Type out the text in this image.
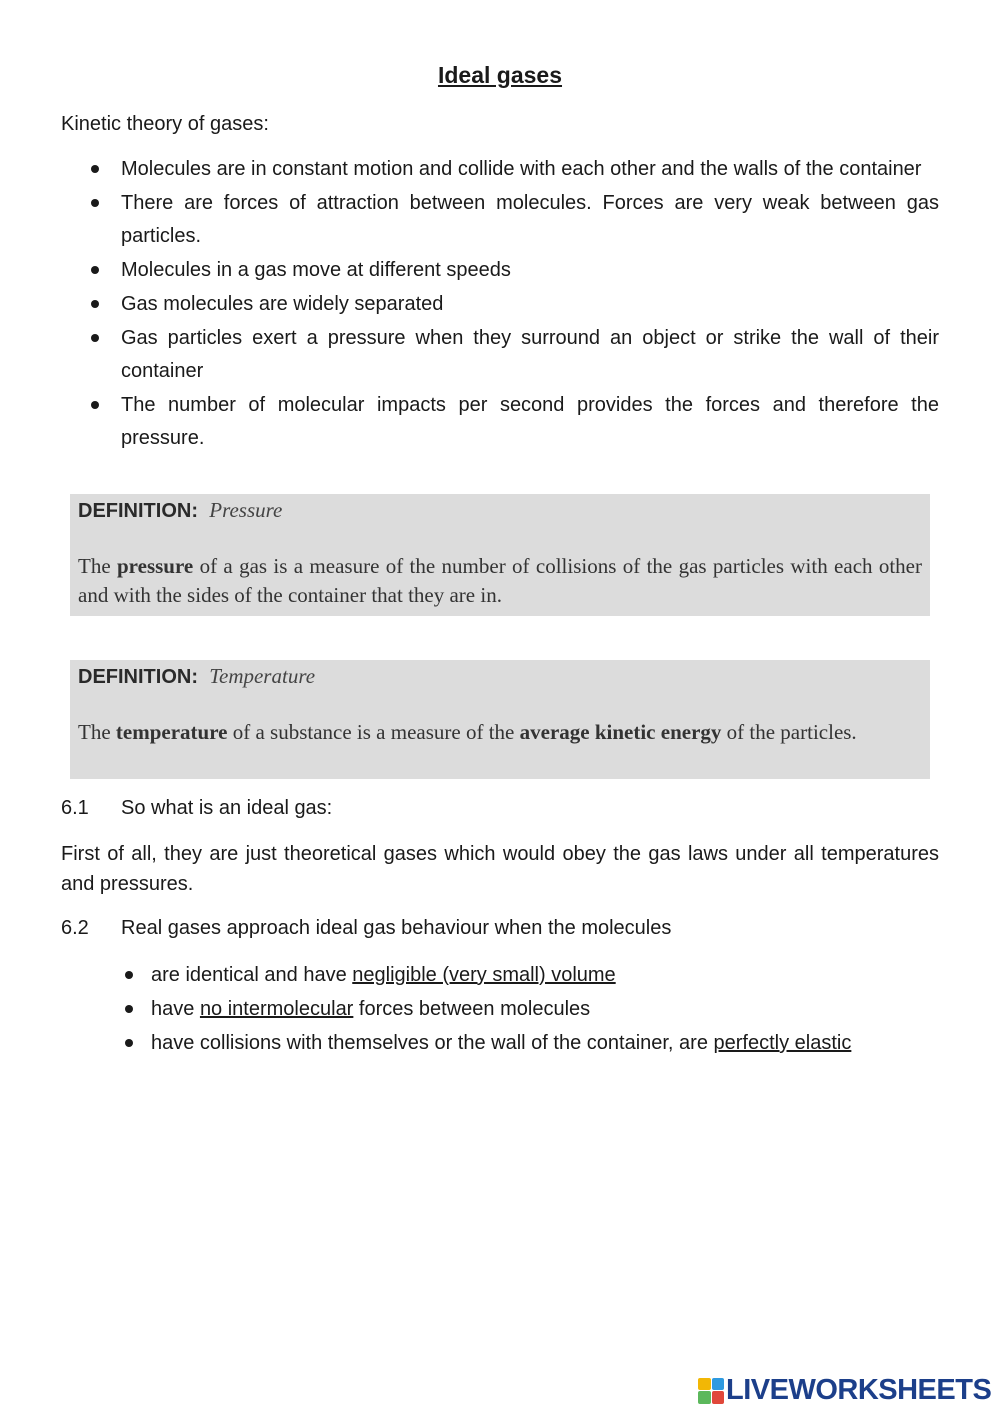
Ideal gases

Kinetic theory of gases:

Molecules are in constant motion and collide with each other and the walls of the container
There are forces of attraction between molecules. Forces are very weak between gas particles.
Molecules in a gas move at different speeds
Gas molecules are widely separated
Gas particles exert a pressure when they surround an object or strike the wall of their container
The number of molecular impacts per second provides the forces and therefore the pressure.

DEFINITION: Pressure

The pressure of a gas is a measure of the number of collisions of the gas particles with each other and with the sides of the container that they are in.

DEFINITION: Temperature

The temperature of a substance is a measure of the average kinetic energy of the particles.

6.1 So what is an ideal gas:

First of all, they are just theoretical gases which would obey the gas laws under all temperatures and pressures.

6.2 Real gases approach ideal gas behaviour when the molecules

are identical and have negligible (very small) volume
have no intermolecular forces between molecules
have collisions with themselves or the wall of the container, are perfectly elastic
LIVEWORKSHEETS
